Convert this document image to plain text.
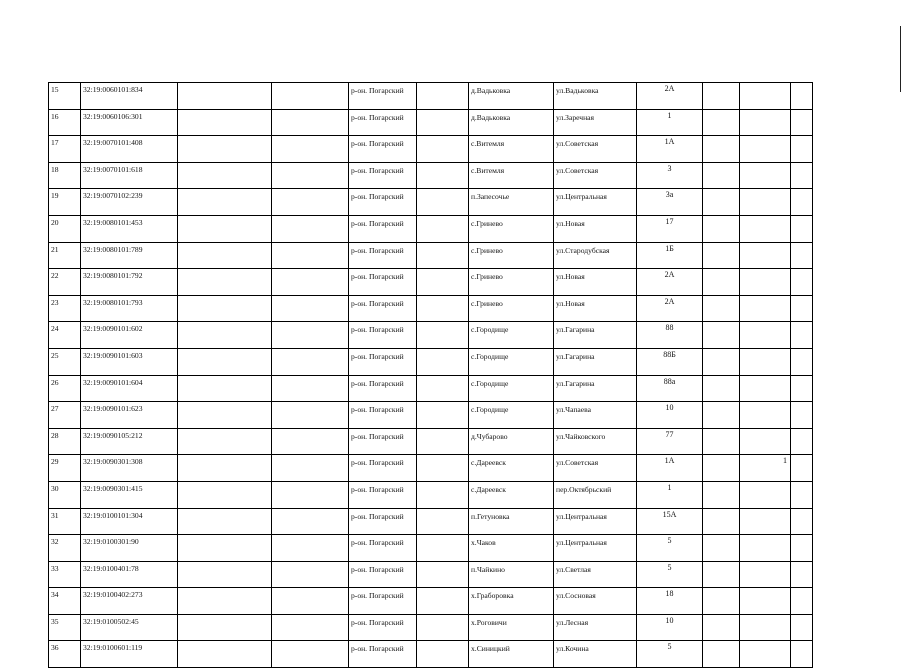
15	32:19:0060101:834			р-он. Погарский		д.Вадьковка	ул.Вадьковка	2А			
16	32:19:0060106:301			р-он. Погарский		д.Вадьковка	ул.Заречная	1			
17	32:19:0070101:408			р-он. Погарский		с.Витемля	ул.Советская	1А			
18	32:19:0070101:618			р-он. Погарский		с.Витемля	ул.Советская	3			
19	32:19:0070102:239			р-он. Погарский		п.Запесочье	ул.Центральная	3а			
20	32:19:0080101:453			р-он. Погарский		с.Гринево	ул.Новая	17			
21	32:19:0080101:789			р-он. Погарский		с.Гринево	ул.Стародубская	1Б			
22	32:19:0080101:792			р-он. Погарский		с.Гринево	ул.Новая	2А			
23	32:19:0080101:793			р-он. Погарский		с.Гринево	ул.Новая	2А			
24	32:19:0090101:602			р-он. Погарский		с.Городище	ул.Гагарина	88			
25	32:19:0090101:603			р-он. Погарский		с.Городище	ул.Гагарина	88Б			
26	32:19:0090101:604			р-он. Погарский		с.Городище	ул.Гагарина	88а			
27	32:19:0090101:623			р-он. Погарский		с.Городище	ул.Чапаева	10			
28	32:19:0090105:212			р-он. Погарский		д.Чубарово	ул.Чайковского	77			
29	32:19:0090301:308			р-он. Погарский		с.Дареевск	ул.Советская	1А		1	
30	32:19:0090301:415			р-он. Погарский		с.Дареевск	пер.Октябрьский	1			
31	32:19:0100101:304			р-он. Погарский		п.Гетуновка	ул.Центральная	15А			
32	32:19:0100301:90			р-он. Погарский		х.Чаков	ул.Центральная	5			
33	32:19:0100401:78			р-он. Погарский		п.Чайкино	ул.Светлая	5			
34	32:19:0100402:273			р-он. Погарский		х.Граборовка	ул.Сосновая	18			
35	32:19:0100502:45			р-он. Погарский		х.Роговичи	ул.Лесная	10			
36	32:19:0100601:119			р-он. Погарский		х.Синицкий	ул.Кочина	5			
